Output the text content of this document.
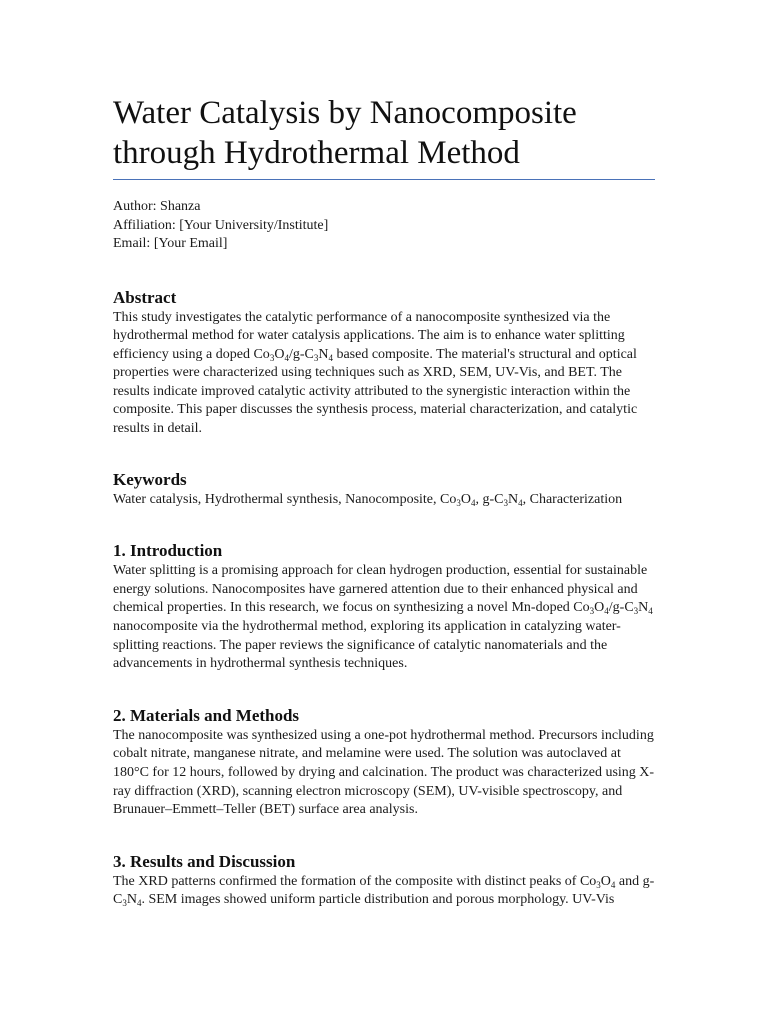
Water Catalysis by Nanocomposite
through Hydrothermal Method
Author: Shanza
Affiliation: [Your University/Institute]
Email: [Your Email]
Abstract

This study investigates the catalytic performance of a nanocomposite synthesized via the hydrothermal method for water catalysis applications. The aim is to enhance water splitting efficiency using a doped $Co_3O_4/g-C_3N_4$ based composite. The material's structural and optical properties were characterized using techniques such as XRD, SEM, UV-Vis, and BET. The results indicate improved catalytic activity attributed to the synergistic interaction within the composite. This paper discusses the synthesis process, material characterization, and catalytic results in detail.

Keywords

Water catalysis, Hydrothermal synthesis, Nanocomposite, $Co_3O_4$, $g-C_3N_4$, Characterization

1. Introduction

Water splitting is a promising approach for clean hydrogen production, essential for sustainable energy solutions. Nanocomposites have garnered attention due to their enhanced physical and chemical properties. In this research, we focus on synthesizing a novel Mn-doped $Co_3O_4/g-C_3N_4$ nanocomposite via the hydrothermal method, exploring its application in catalyzing water-splitting reactions. The paper reviews the significance of catalytic nanomaterials and the advancements in hydrothermal synthesis techniques.

2. Materials and Methods

The nanocomposite was synthesized using a one-pot hydrothermal method. Precursors including cobalt nitrate, manganese nitrate, and melamine were used. The solution was autoclaved at 180°C for 12 hours, followed by drying and calcination. The product was characterized using X-ray diffraction (XRD), scanning electron microscopy (SEM), UV-visible spectroscopy, and Brunauer–Emmett–Teller (BET) surface area analysis.

3. Results and Discussion

The XRD patterns confirmed the formation of the composite with distinct peaks of $Co_3O_4$ and $g-C_3N_4$. SEM images showed uniform particle distribution and porous morphology. UV-Vis
